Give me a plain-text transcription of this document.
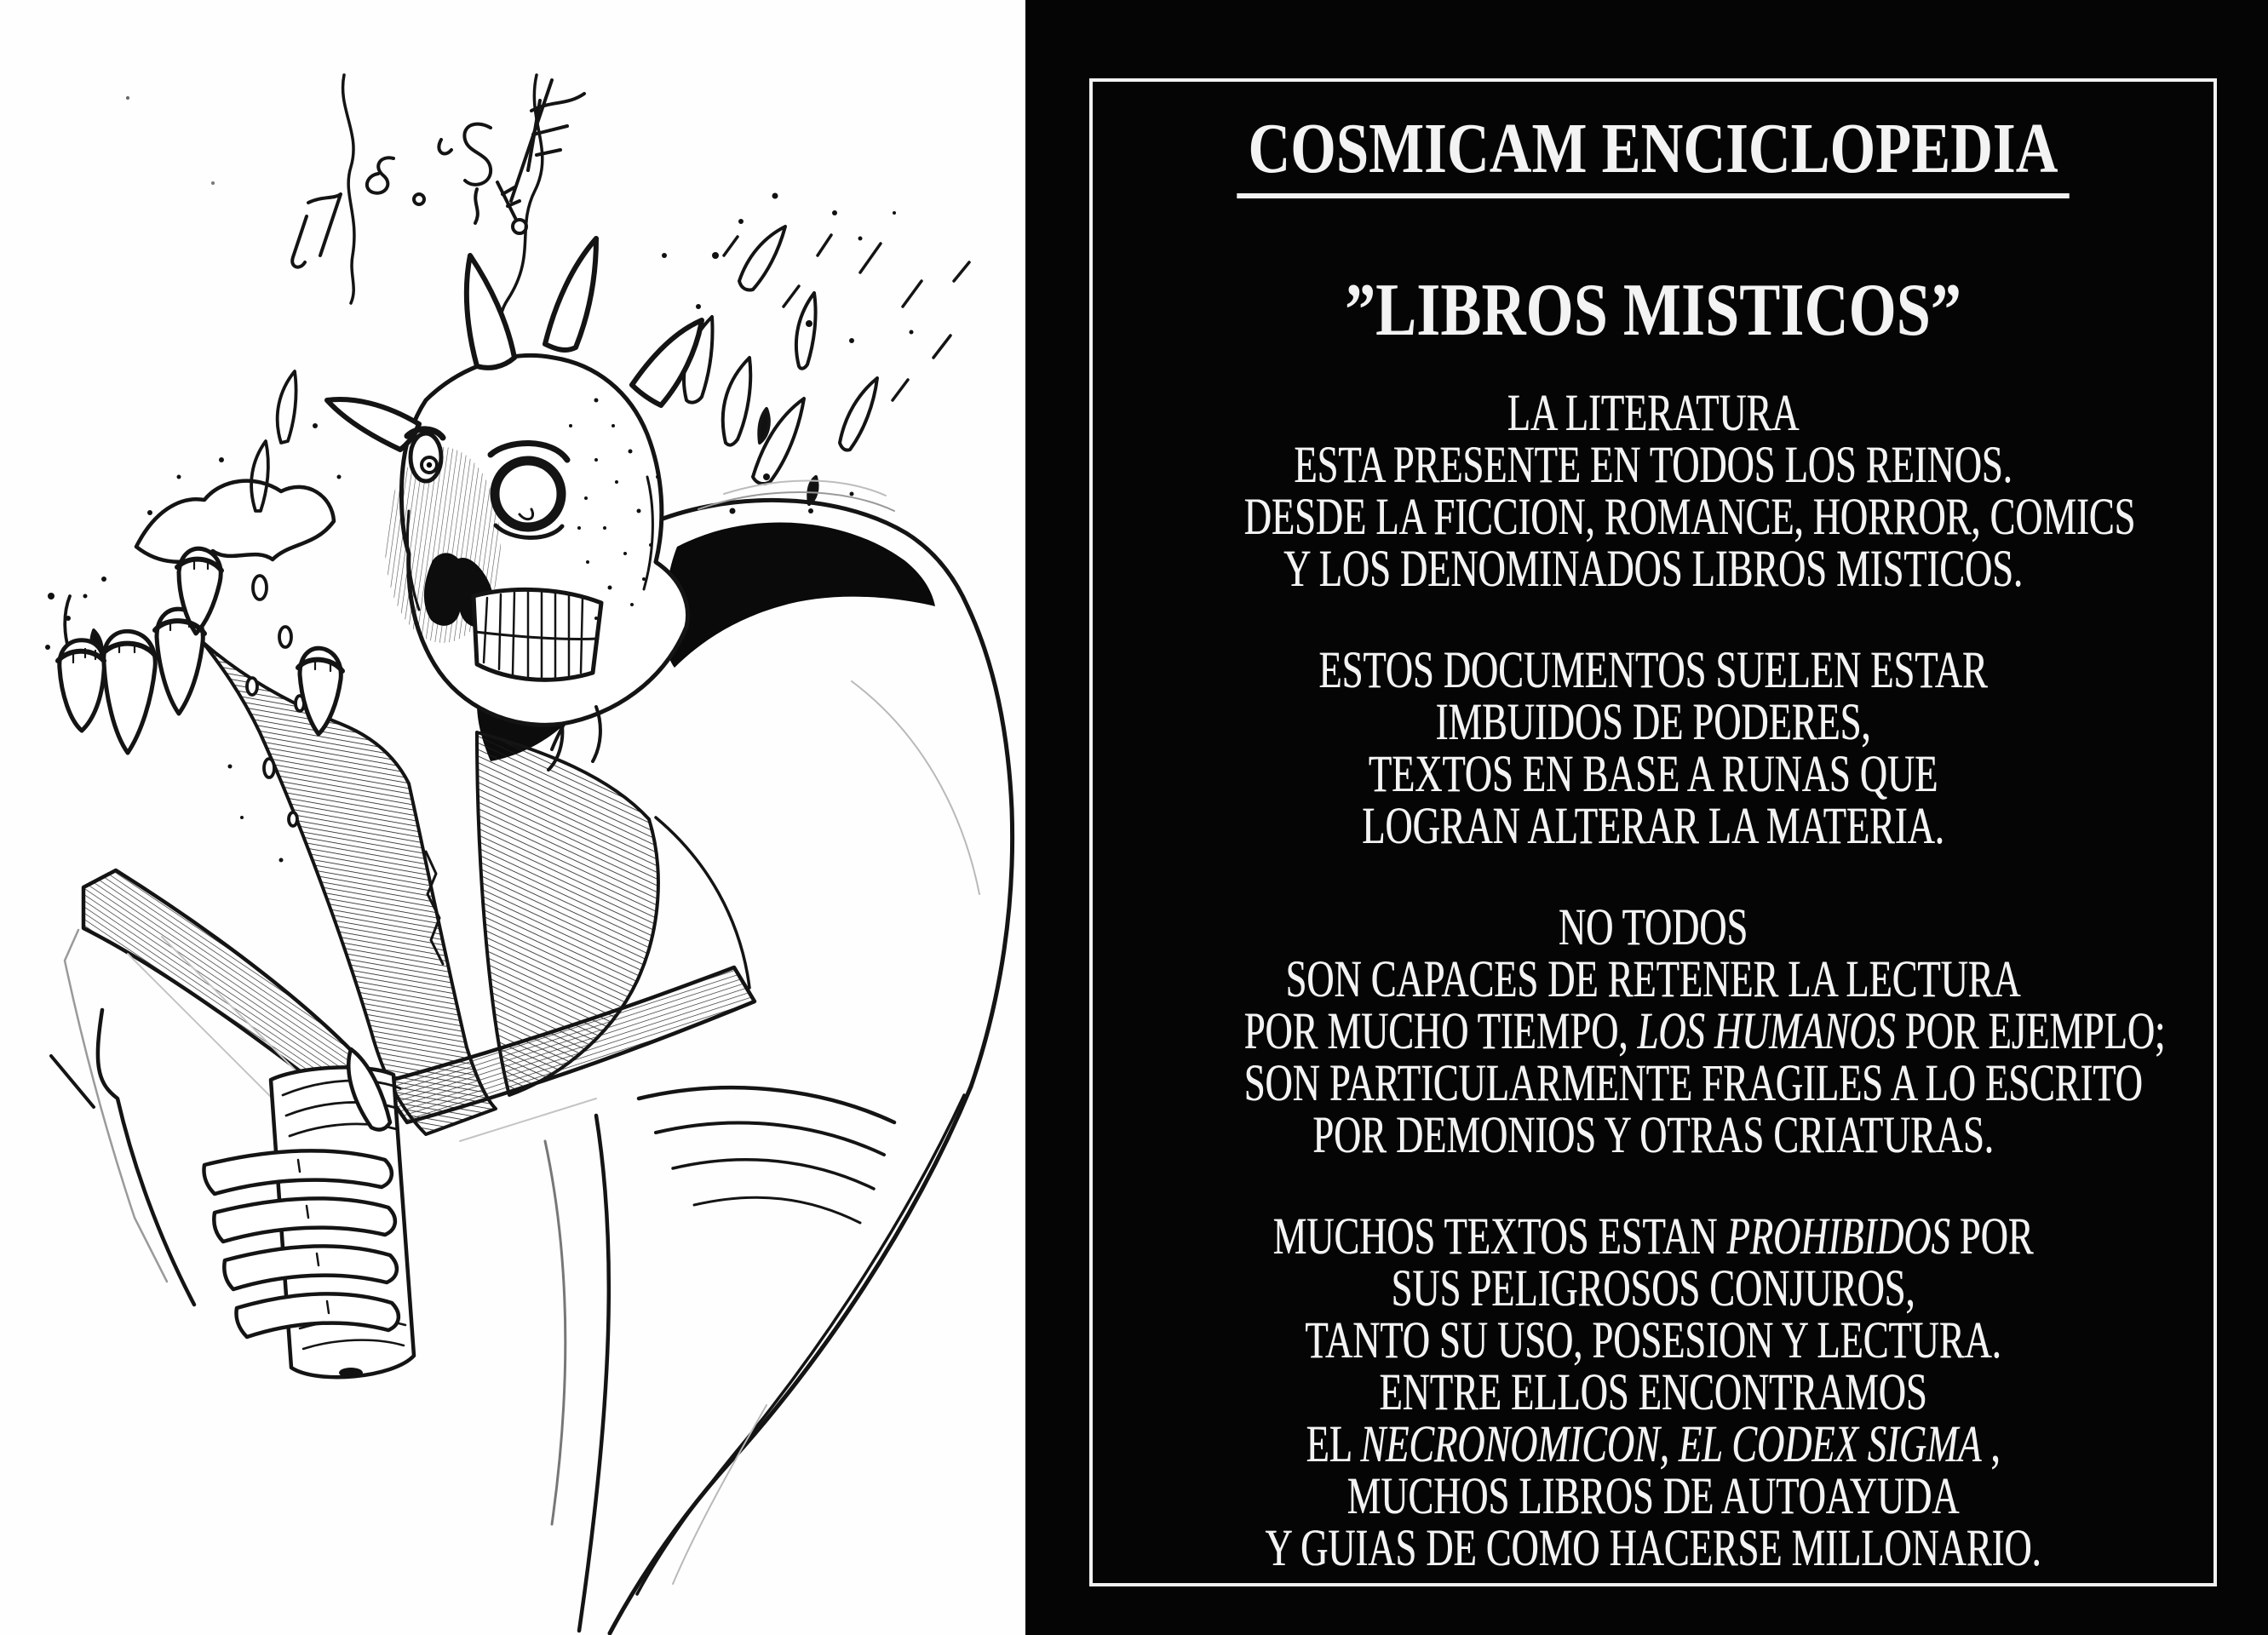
COSMICAM ENCICLOPEDIA
”LIBROS MISTICOS”
LA LITERATURA
ESTA PRESENTE EN TODOS LOS REINOS.
DESDE LA FICCION, ROMANCE, HORROR, COMICS
Y LOS DENOMINADOS LIBROS MISTICOS.
ESTOS DOCUMENTOS SUELEN ESTAR
IMBUIDOS DE PODERES,
TEXTOS EN BASE A RUNAS QUE
LOGRAN ALTERAR LA MATERIA.
NO TODOS
SON CAPACES DE RETENER LA LECTURA
POR MUCHO TIEMPO, LOS HUMANOS POR EJEMPLO;
SON PARTICULARMENTE FRAGILES A LO ESCRITO
POR DEMONIOS Y OTRAS CRIATURAS.
MUCHOS TEXTOS ESTAN PROHIBIDOS POR
SUS PELIGROSOS CONJUROS,
TANTO SU USO, POSESION Y LECTURA.
ENTRE ELLOS ENCONTRAMOS
EL NECRONOMICON, EL CODEX SIGMA ,
MUCHOS LIBROS DE AUTOAYUDA
Y GUIAS DE COMO HACERSE MILLONARIO.
